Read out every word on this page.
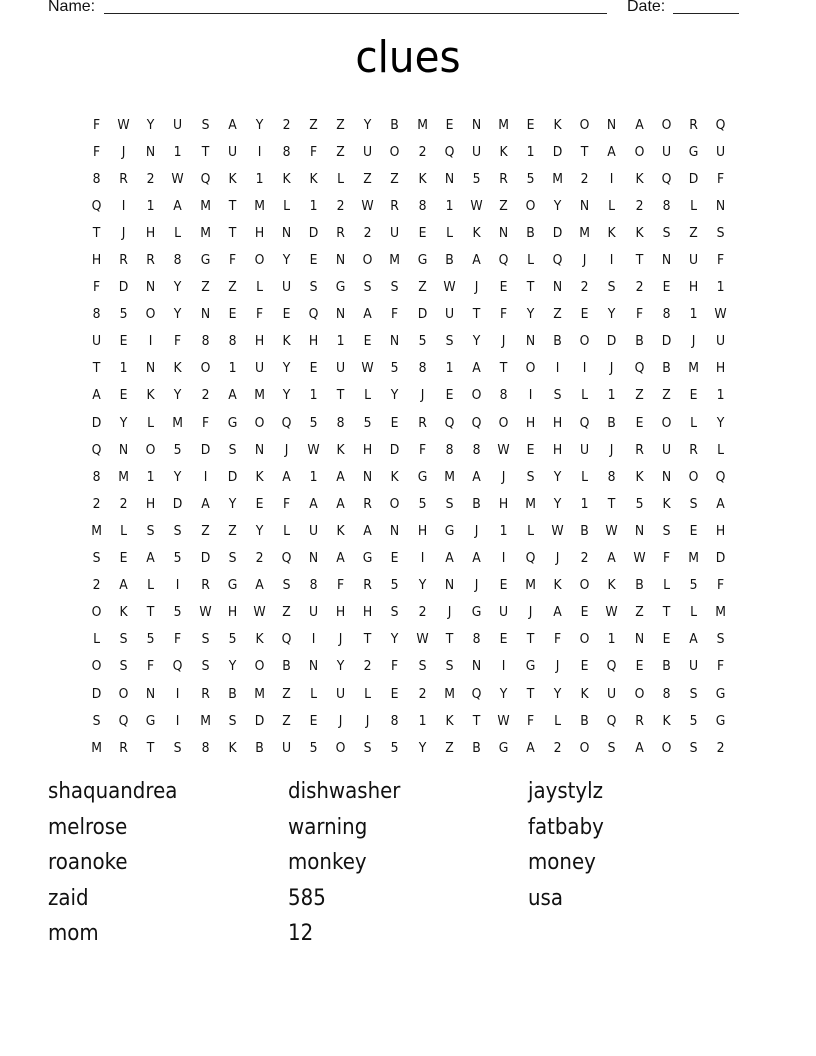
Name:	Date:
clues
F	W	Y	U	S	A	Y	2	Z	Z	Y	B	M	E	N	M	E	K	O	N	A	O	R	Q
F	J	N	1	T	U	I	8	F	Z	U	O	2	Q	U	K	1	D	T	A	O	U	G	U
8	R	2	W	Q	K	1	K	K	L	Z	Z	K	N	5	R	5	M	2	I	K	Q	D	F
Q	I	1	A	M	T	M	L	1	2	W	R	8	1	W	Z	O	Y	N	L	2	8	L	N
T	J	H	L	M	T	H	N	D	R	2	U	E	L	K	N	B	D	M	K	K	S	Z	S
H	R	R	8	G	F	O	Y	E	N	O	M	G	B	A	Q	L	Q	J	I	T	N	U	F
F	D	N	Y	Z	Z	L	U	S	G	S	S	Z	W	J	E	T	N	2	S	2	E	H	1
8	5	O	Y	N	E	F	E	Q	N	A	F	D	U	T	F	Y	Z	E	Y	F	8	1	W
U	E	I	F	8	8	H	K	H	1	E	N	5	S	Y	J	N	B	O	D	B	D	J	U
T	1	N	K	O	1	U	Y	E	U	W	5	8	1	A	T	O	I	I	J	Q	B	M	H
A	E	K	Y	2	A	M	Y	1	T	L	Y	J	E	O	8	I	S	L	1	Z	Z	E	1
D	Y	L	M	F	G	O	Q	5	8	5	E	R	Q	Q	O	H	H	Q	B	E	O	L	Y
Q	N	O	5	D	S	N	J	W	K	H	D	F	8	8	W	E	H	U	J	R	U	R	L
8	M	1	Y	I	D	K	A	1	A	N	K	G	M	A	J	S	Y	L	8	K	N	O	Q
2	2	H	D	A	Y	E	F	A	A	R	O	5	S	B	H	M	Y	1	T	5	K	S	A
M	L	S	S	Z	Z	Y	L	U	K	A	N	H	G	J	1	L	W	B	W	N	S	E	H
S	E	A	5	D	S	2	Q	N	A	G	E	I	A	A	I	Q	J	2	A	W	F	M	D
2	A	L	I	R	G	A	S	8	F	R	5	Y	N	J	E	M	K	O	K	B	L	5	F
O	K	T	5	W	H	W	Z	U	H	H	S	2	J	G	U	J	A	E	W	Z	T	L	M
L	S	5	F	S	5	K	Q	I	J	T	Y	W	T	8	E	T	F	O	1	N	E	A	S
O	S	F	Q	S	Y	O	B	N	Y	2	F	S	S	N	I	G	J	E	Q	E	B	U	F
D	O	N	I	R	B	M	Z	L	U	L	E	2	M	Q	Y	T	Y	K	U	O	8	S	G
S	Q	G	I	M	S	D	Z	E	J	J	8	1	K	T	W	F	L	B	Q	R	K	5	G
M	R	T	S	8	K	B	U	5	O	S	5	Y	Z	B	G	A	2	O	S	A	O	S	2
shaquandrea
melrose
roanoke
zaid
mom
dishwasher
warning
monkey
585
12
jaystylz
fatbaby
money
usa
